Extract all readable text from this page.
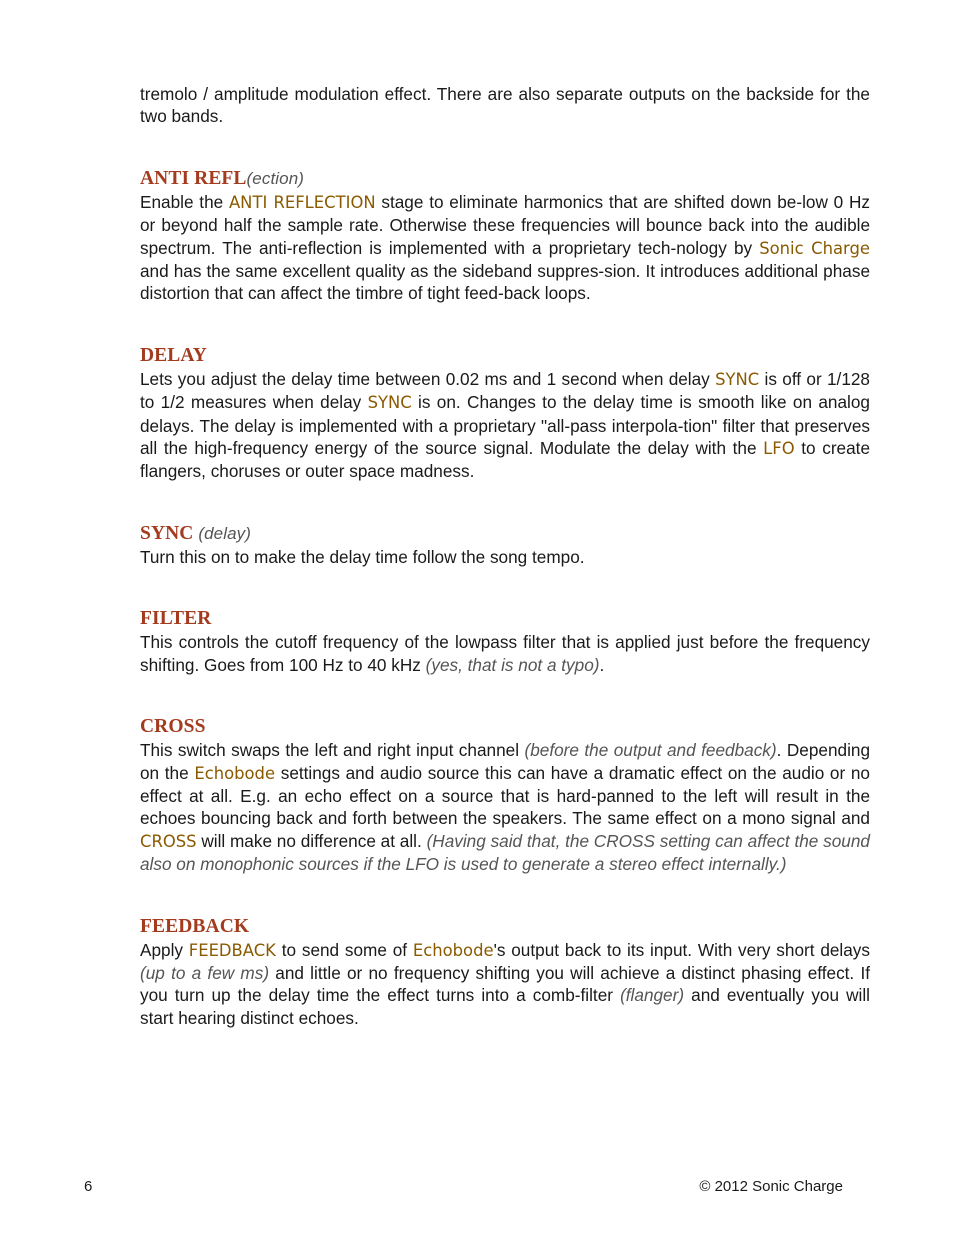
tremolo / amplitude modulation effect. There are also separate outputs on the backside for the two bands.

ANTI REFL(ection)

Enable the ANTI REFLECTION stage to eliminate harmonics that are shifted down be-low 0 Hz or beyond half the sample rate. Otherwise these frequencies will bounce back into the audible spectrum. The anti-reflection is implemented with a proprietary tech-nology by Sonic Charge and has the same excellent quality as the sideband suppres-sion. It introduces additional phase distortion that can affect the timbre of tight feed-back loops.

DELAY

Lets you adjust the delay time between 0.02 ms and 1 second when delay SYNC is off or 1/128 to 1/2 measures when delay SYNC is on. Changes to the delay time is smooth like on analog delays. The delay is implemented with a proprietary "all-pass interpola-tion" filter that preserves all the high-frequency energy of the source signal. Modulate the delay with the LFO to create flangers, choruses or outer space madness.

SYNC (delay)

Turn this on to make the delay time follow the song tempo.

FILTER

This controls the cutoff frequency of the lowpass filter that is applied just before the frequency shifting. Goes from 100 Hz to 40 kHz (yes, that is not a typo).

CROSS

This switch swaps the left and right input channel (before the output and feedback). Depending on the Echobode settings and audio source this can have a dramatic effect on the audio or no effect at all. E.g. an echo effect on a source that is hard-panned to the left will result in the echoes bouncing back and forth between the speakers. The same effect on a mono signal and CROSS will make no difference at all. (Having said that, the CROSS setting can affect the sound also on monophonic sources if the LFO is used to generate a stereo effect internally.)

FEEDBACK

Apply FEEDBACK to send some of Echobode's output back to its input. With very short delays (up to a few ms) and little or no frequency shifting you will achieve a distinct phasing effect. If you turn up the delay time the effect turns into a comb-filter (flanger) and eventually you will start hearing distinct echoes.

6	© 2012 Sonic Charge
